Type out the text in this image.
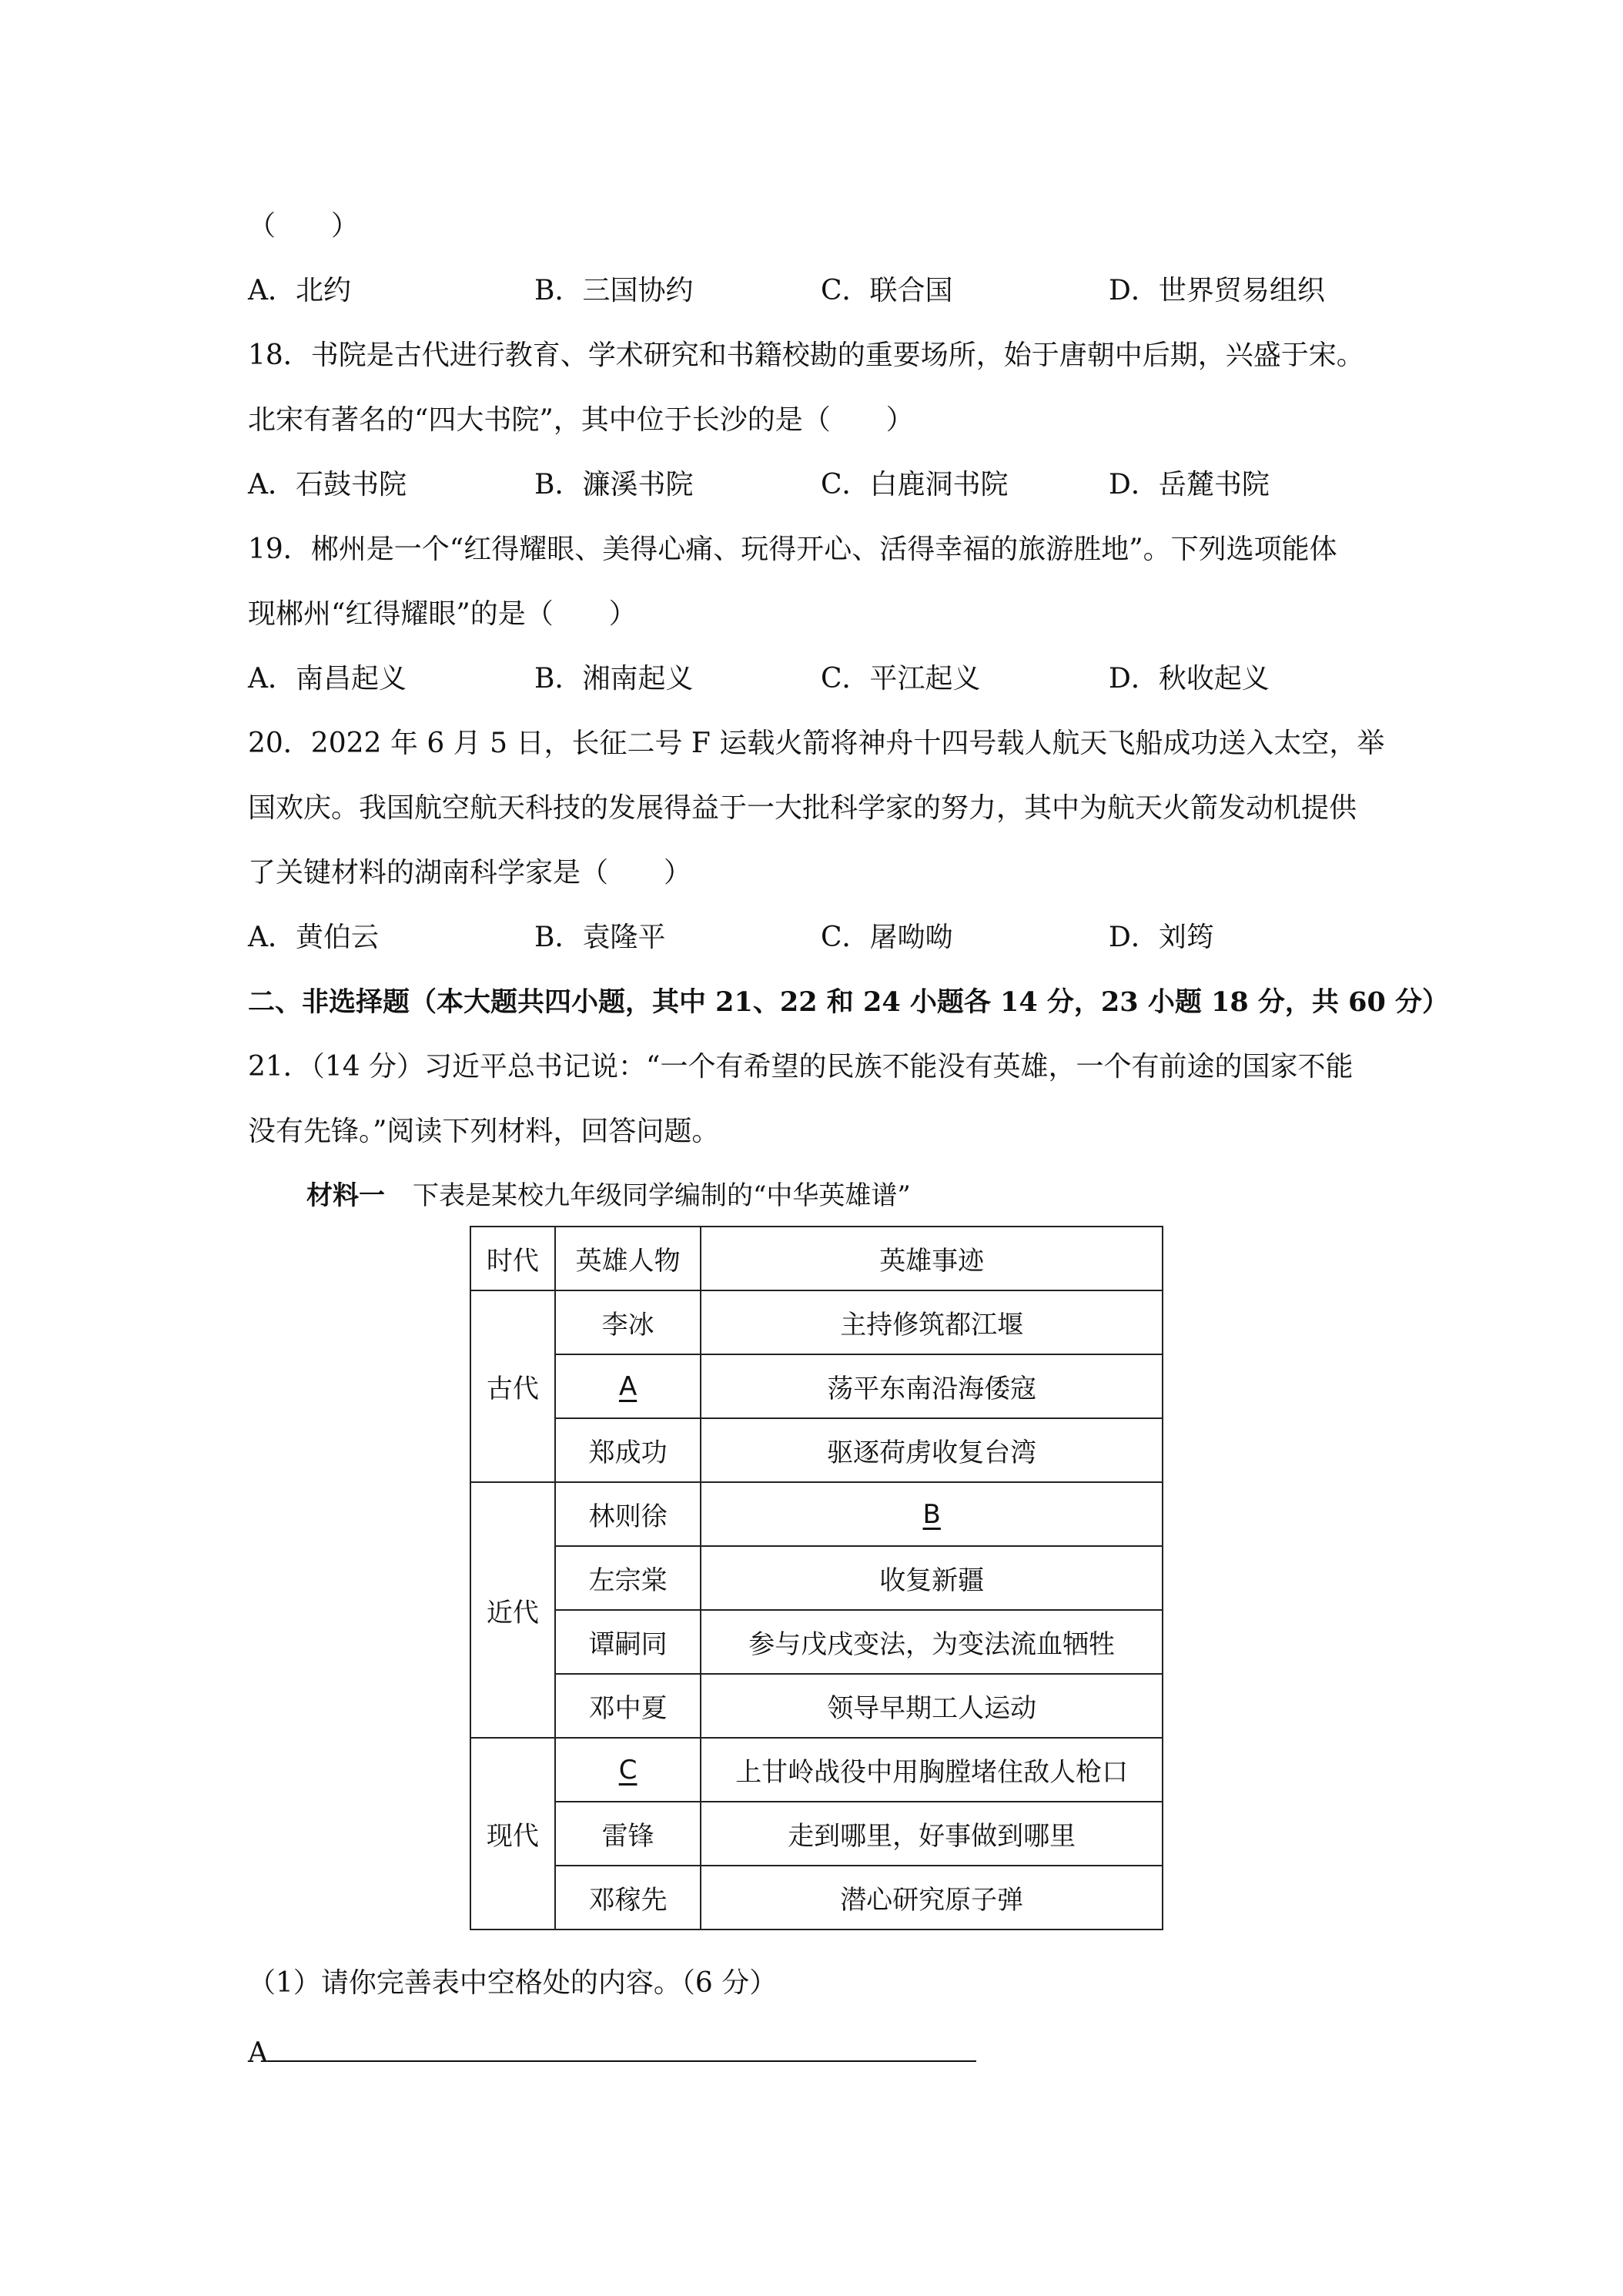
（　　）
A．北约	B．三国协约	C．联合国	D．世界贸易组织
18．书院是古代进行教育、学术研究和书籍校勘的重要场所，始于唐朝中后期，兴盛于宋。
北宋有著名的“四大书院”，其中位于长沙的是（　　）
A．石鼓书院	B．濂溪书院	C．白鹿洞书院	D．岳麓书院
19．郴州是一个“红得耀眼、美得心痛、玩得开心、活得幸福的旅游胜地”。下列选项能体
现郴州“红得耀眼”的是（　　）
A．南昌起义	B．湘南起义	C．平江起义	D．秋收起义
20．2022 年 6 月 5 日，长征二号 F 运载火箭将神舟十四号载人航天飞船成功送入太空，举
国欢庆。我国航空航天科技的发展得益于一大批科学家的努力，其中为航天火箭发动机提供
了关键材料的湖南科学家是（　　）
A．黄伯云	B．袁隆平	C．屠呦呦	D．刘筠
二、非选择题（本大题共四小题，其中 21、22 和 24 小题各 14 分，23 小题 18 分，共 60 分）
21．（14 分）习近平总书记说：“一个有希望的民族不能没有英雄，一个有前途的国家不能
没有先锋。”阅读下列材料，回答问题。
材料一 下表是某校九年级同学编制的“中华英雄谱”
时代	英雄人物	英雄事迹
古代	李冰	主持修筑都江堰
	A	荡平东南沿海倭寇
	郑成功	驱逐荷虏收复台湾
近代	林则徐	B
	左宗棠	收复新疆
	谭嗣同	参与戊戌变法，为变法流血牺牲
	邓中夏	领导早期工人运动
现代	C	上甘岭战役中用胸膛堵住敌人枪口
	雷锋	走到哪里，好事做到哪里
	邓稼先	潜心研究原子弹
（1）请你完善表中空格处的内容。（6 分）
A
